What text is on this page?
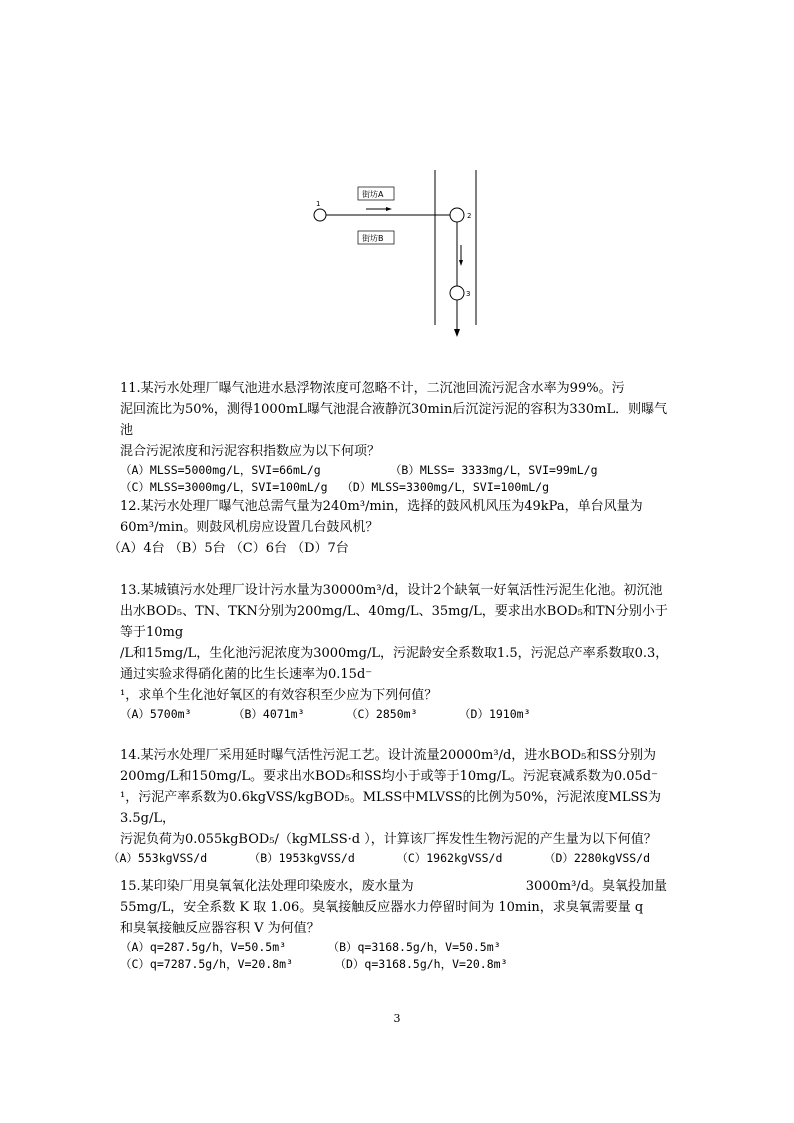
1
2
3
街坊A
街坊B

11.某污水处理厂曝气池进水悬浮物浓度可忽略不计，二沉池回流污泥含水率为99%。污

泥回流比为50%，测得1000mL曝气池混合液静沉30min后沉淀污泥的容积为330mL．则曝气池

混合污泥浓度和污泥容积指数应为以下何项？

（A）MLSS=5000mg/L，SVI=66mL/g          （B）MLSS= 3333mg/L，SVI=99mL/g

（C）MLSS=3000mg/L，SVI=100mL/g  （D）MLSS=3300mg/L，SVI=100mL/g

12.某污水处理厂曝气池总需气量为240m³/min，选择的鼓风机风压为49kPa，单台风量为

60m³/min。则鼓风机房应设置几台鼓风机？

（A）4台 （B）5台 （C）6台 （D）7台

13.某城镇污水处理厂设计污水量为30000m³/d，设计2个缺氧一好氧活性污泥生化池。初沉池

出水BOD₅、TN、TKN分别为200mg/L、40mg/L、35mg/L，要求出水BOD₅和TN分别小于等于10mg

/L和15mg/L，生化池污泥浓度为3000mg/L，污泥龄安全系数取1.5，污泥总产率系数取0.3，

通过实验求得硝化菌的比生长速率为0.15d⁻

¹，求单个生化池好氧区的有效容积至少应为下列何值？

（A）5700m³      （B）4071m³      （C）2850m³      （D）1910m³

14.某污水处理厂采用延时曝气活性污泥工艺。设计流量20000m³/d，进水BOD₅和SS分别为

200mg/L和150mg/L。要求出水BOD₅和SS均小于或等于10mg/L。污泥衰减系数为0.05d⁻

¹，污泥产率系数为0.6kgVSS/kgBOD₅。MLSS中MLVSS的比例为50%，污泥浓度MLSS为3.5g/L，

污泥负荷为0.055kgBOD₅/（kgMLSS·d ），计算该厂挥发性生物污泥的产生量为以下何值？

（A）553kgVSS/d      （B）1953kgVSS/d      （C）1962kgVSS/d      （D）2280kgVSS/d

15.某印染厂用臭氧氧化法处理印染废水，废水量为	3000m³/d。臭氧投加量

55mg/L，安全系数 K 取 1.06。臭氧接触反应器水力停留时间为 10min，求臭氧需要量 q

和臭氧接触反应器容积 V 为何值？

（A）q=287.5g/h，V=50.5m³      （B）q=3168.5g/h，V=50.5m³

（C）q=7287.5g/h，V=20.8m³      （D）q=3168.5g/h，V=20.8m³

3
